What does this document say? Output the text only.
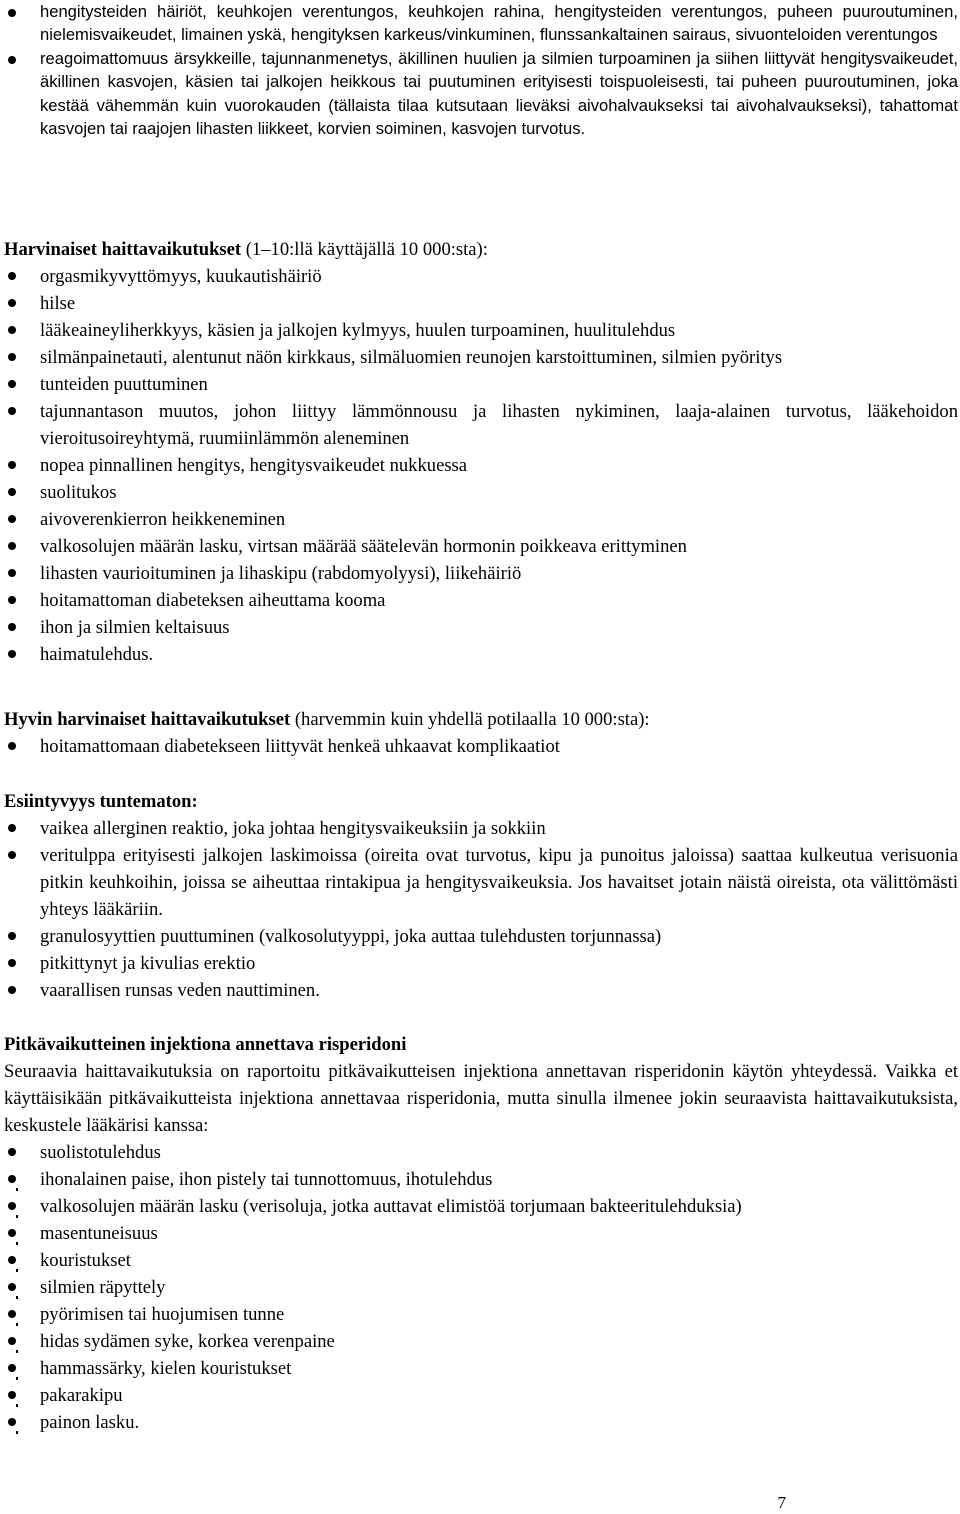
hengitysteiden häiriöt, keuhkojen verentungos, keuhkojen rahina, hengitysteiden verentungos, puheen puuroutuminen, nielemisvaikeudet, limainen yskä, hengityksen karkeus/vinkuminen, flunssankaltainen sairaus, sivuonteloiden verentungos
reagoimattomuus ärsykkeille, tajunnanmenetys, äkillinen huulien ja silmien turpoaminen ja siihen liittyvät hengitysvaikeudet, äkillinen kasvojen, käsien tai jalkojen heikkous tai puutuminen erityisesti toispuoleisesti, tai puheen puuroutuminen, joka kestää vähemmän kuin vuorokauden (tällaista tilaa kutsutaan lieväksi aivohalvaukseksi tai aivohalvaukseksi), tahattomat kasvojen tai raajojen lihasten liikkeet, korvien soiminen, kasvojen turvotus.

Harvinaiset haittavaikutukset (1–10:llä käyttäjällä 10 000:sta):

orgasmikyvyttömyys, kuukautishäiriö
hilse
lääkeaineyliherkkyys, käsien ja jalkojen kylmyys, huulen turpoaminen, huulitulehdus
silmänpainetauti, alentunut näön kirkkaus, silmäluomien reunojen karstoittuminen, silmien pyöritys
tunteiden puuttuminen
tajunnantason muutos, johon liittyy lämmönnousu ja lihasten nykiminen, laaja-alainen turvotus, lääkehoidon vieroitusoireyhtymä, ruumiinlämmön aleneminen
nopea pinnallinen hengitys, hengitysvaikeudet nukkuessa
suolitukos
aivoverenkierron heikkeneminen
valkosolujen määrän lasku, virtsan määrää säätelevän hormonin poikkeava erittyminen
lihasten vaurioituminen ja lihaskipu (rabdomyolyysi), liikehäiriö
hoitamattoman diabeteksen aiheuttama kooma
ihon ja silmien keltaisuus
haimatulehdus.

Hyvin harvinaiset haittavaikutukset (harvemmin kuin yhdellä potilaalla 10 000:sta):

hoitamattomaan diabetekseen liittyvät henkeä uhkaavat komplikaatiot

Esiintyvyys tuntematon:

vaikea allerginen reaktio, joka johtaa hengitysvaikeuksiin ja sokkiin
veritulppa erityisesti jalkojen laskimoissa (oireita ovat turvotus, kipu ja punoitus jaloissa) saattaa kulkeutua verisuonia pitkin keuhkoihin, joissa se aiheuttaa rintakipua ja hengitysvaikeuksia. Jos havaitset jotain näistä oireista, ota välittömästi yhteys lääkäriin.
granulosyyttien puuttuminen (valkosolutyyppi, joka auttaa tulehdusten torjunnassa)
pitkittynyt ja kivulias erektio
vaarallisen runsas veden nauttiminen.

Pitkävaikutteinen injektiona annettava risperidoni

Seuraavia haittavaikutuksia on raportoitu pitkävaikutteisen injektiona annettavan risperidonin käytön yhteydessä. Vaikka et käyttäisikään pitkävaikutteista injektiona annettavaa risperidonia, mutta sinulla ilmenee jokin seuraavista haittavaikutuksista, keskustele lääkärisi kanssa:

suolistotulehdus
ihonalainen paise, ihon pistely tai tunnottomuus, ihotulehdus
valkosolujen määrän lasku (verisoluja, jotka auttavat elimistöä torjumaan bakteeritulehduksia)
masentuneisuus
kouristukset
silmien räpyttely
pyörimisen tai huojumisen tunne
hidas sydämen syke, korkea verenpaine
hammassärky, kielen kouristukset
pakarakipu
painon lasku.
7
